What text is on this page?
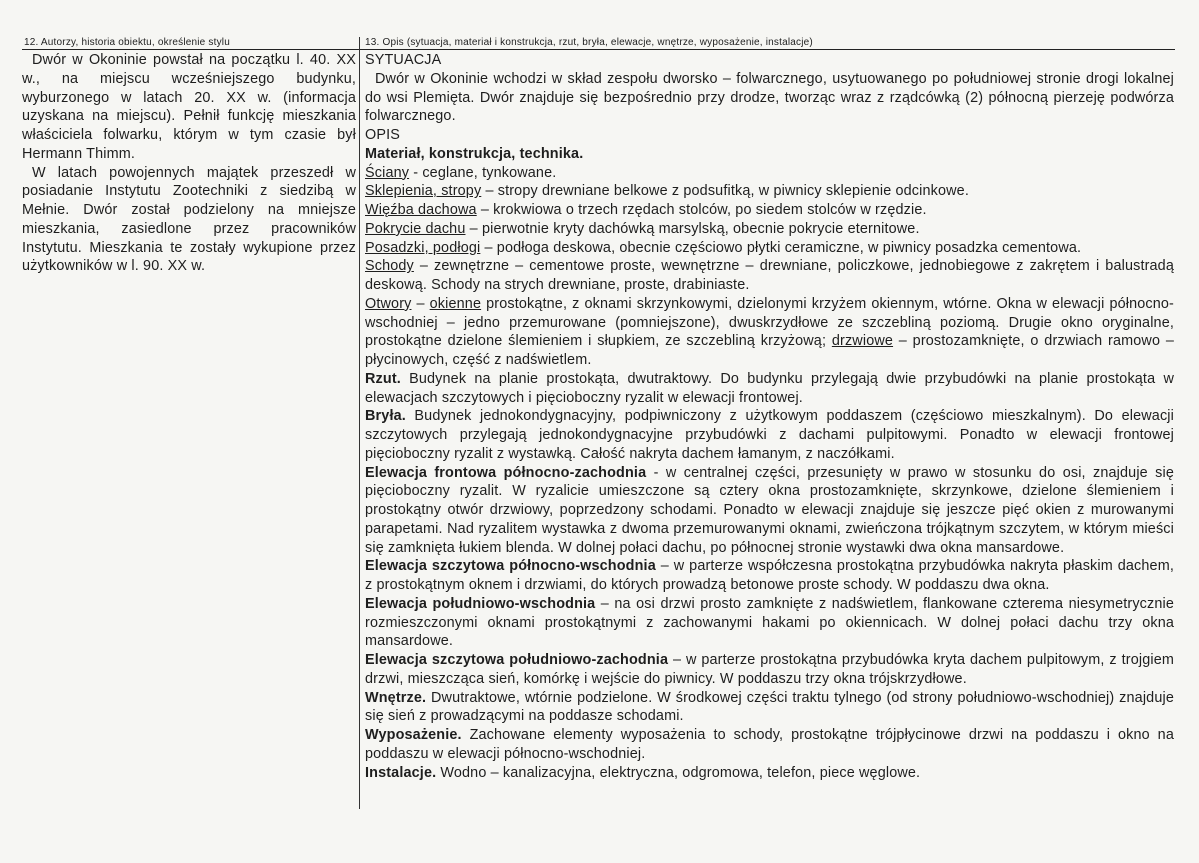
12. Autorzy, historia obiektu, określenie stylu	13. Opis (sytuacja, materiał i konstrukcja, rzut, bryła, elewacje, wnętrze, wyposażenie, instalacje)

Dwór w Okoninie powstał na początku l. 40. XX w., na miejscu wcześniejszego budynku, wyburzonego w latach 20. XX w. (informacja uzyskana na miejscu). Pełnił funkcję mieszkania właściciela folwarku, którym w tym czasie był Hermann Thimm.

W latach powojennych majątek przeszedł w posiadanie Instytutu Zootechniki z siedzibą w Mełnie. Dwór został podzielony na mniejsze mieszkania, zasiedlone przez pracowników Instytutu. Mieszkania te zostały wykupione przez użytkowników w l. 90. XX w.

SYTUACJA

Dwór w Okoninie wchodzi w skład zespołu dworsko – folwarcznego, usytuowanego po południowej stronie drogi lokalnej do wsi Plemięta. Dwór znajduje się bezpośrednio przy drodze, tworząc wraz z rządcówką (2) północną pierzeję podwórza folwarcznego.

OPIS

Materiał, konstrukcja, technika.

Ściany - ceglane, tynkowane.

Sklepienia, stropy – stropy drewniane belkowe z podsufitką, w piwnicy sklepienie odcinkowe.

Więźba dachowa – krokwiowa o trzech rzędach stolców, po siedem stolców w rzędzie.

Pokrycie dachu – pierwotnie kryty dachówką marsylską, obecnie pokrycie eternitowe.

Posadzki, podłogi – podłoga deskowa, obecnie częściowo płytki ceramiczne, w piwnicy posadzka cementowa.

Schody – zewnętrzne – cementowe proste, wewnętrzne – drewniane, policzkowe, jednobiegowe z zakrętem i balustradą deskową. Schody na strych drewniane, proste, drabiniaste.

Otwory – okienne prostokątne, z oknami skrzynkowymi, dzielonymi krzyżem okiennym, wtórne. Okna w elewacji północno-wschodniej – jedno przemurowane (pomniejszone), dwuskrzydłowe ze szczebliną poziomą. Drugie okno oryginalne, prostokątne dzielone ślemieniem i słupkiem, ze szczebliną krzyżową; drzwiowe – prostozamknięte, o drzwiach ramowo – płycinowych, część z nadświetlem.

Rzut. Budynek na planie prostokąta, dwutraktowy. Do budynku przylegają dwie przybudówki na planie prostokąta w elewacjach szczytowych i pięcioboczny ryzalit w elewacji frontowej.

Bryła. Budynek jednokondygnacyjny, podpiwniczony z użytkowym poddaszem (częściowo mieszkalnym). Do elewacji szczytowych przylegają jednokondygnacyjne przybudówki z dachami pulpitowymi. Ponadto w elewacji frontowej pięcioboczny ryzalit z wystawką. Całość nakryta dachem łamanym, z naczółkami.

Elewacja frontowa północno-zachodnia - w centralnej części, przesunięty w prawo w stosunku do osi, znajduje się pięcioboczny ryzalit. W ryzalicie umieszczone są cztery okna prostozamknięte, skrzynkowe, dzielone ślemieniem i prostokątny otwór drzwiowy, poprzedzony schodami. Ponadto w elewacji znajduje się jeszcze pięć okien z murowanymi parapetami. Nad ryzalitem wystawka z dwoma przemurowanymi oknami, zwieńczona trójkątnym szczytem, w którym mieści się zamknięta łukiem blenda. W dolnej połaci dachu, po północnej stronie wystawki dwa okna mansardowe.

Elewacja szczytowa północno-wschodnia – w parterze współczesna prostokątna przybudówka nakryta płaskim dachem, z prostokątnym oknem i drzwiami, do których prowadzą betonowe proste schody. W poddaszu dwa okna.

Elewacja południowo-wschodnia – na osi drzwi prosto zamknięte z nadświetlem, flankowane czterema niesymetrycznie rozmieszczonymi oknami prostokątnymi z zachowanymi hakami po okiennicach. W dolnej połaci dachu trzy okna mansardowe.

Elewacja szczytowa południowo-zachodnia – w parterze prostokątna przybudówka kryta dachem pulpitowym, z trojgiem drzwi, mieszcząca sień, komórkę i wejście do piwnicy. W poddaszu trzy okna trójskrzydłowe.

Wnętrze. Dwutraktowe, wtórnie podzielone. W środkowej części traktu tylnego (od strony południowo-wschodniej) znajduje się sień z prowadzącymi na poddasze schodami.

Wyposażenie. Zachowane elementy wyposażenia to schody, prostokątne trójpłycinowe drzwi na poddaszu i okno na poddaszu w elewacji północno-wschodniej.

Instalacje. Wodno – kanalizacyjna, elektryczna, odgromowa, telefon, piece węglowe.
